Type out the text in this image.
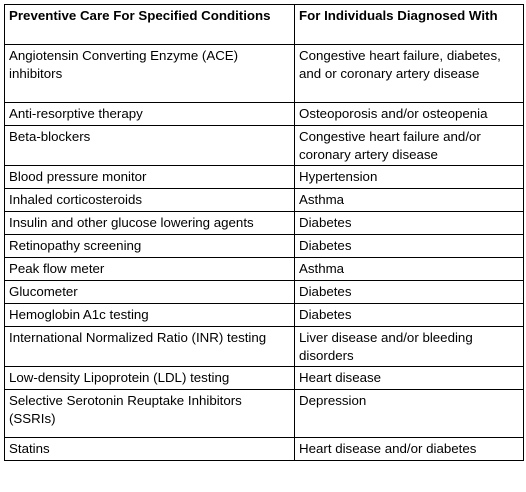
Preventive Care For Specified Conditions	For Individuals Diagnosed With
Angiotensin Converting Enzyme (ACE) inhibitors	Congestive heart failure, diabetes, and or coronary artery disease
Anti-resorptive therapy	Osteoporosis and/or osteopenia
Beta-blockers	Congestive heart failure and/or coronary artery disease
Blood pressure monitor	Hypertension
Inhaled corticosteroids	Asthma
Insulin and other glucose lowering agents	Diabetes
Retinopathy screening	Diabetes
Peak flow meter	Asthma
Glucometer	Diabetes
Hemoglobin A1c testing	Diabetes
International Normalized Ratio (INR) testing	Liver disease and/or bleeding disorders
Low-density Lipoprotein (LDL) testing	Heart disease
Selective Serotonin Reuptake Inhibitors (SSRIs)	Depression
Statins	Heart disease and/or diabetes
